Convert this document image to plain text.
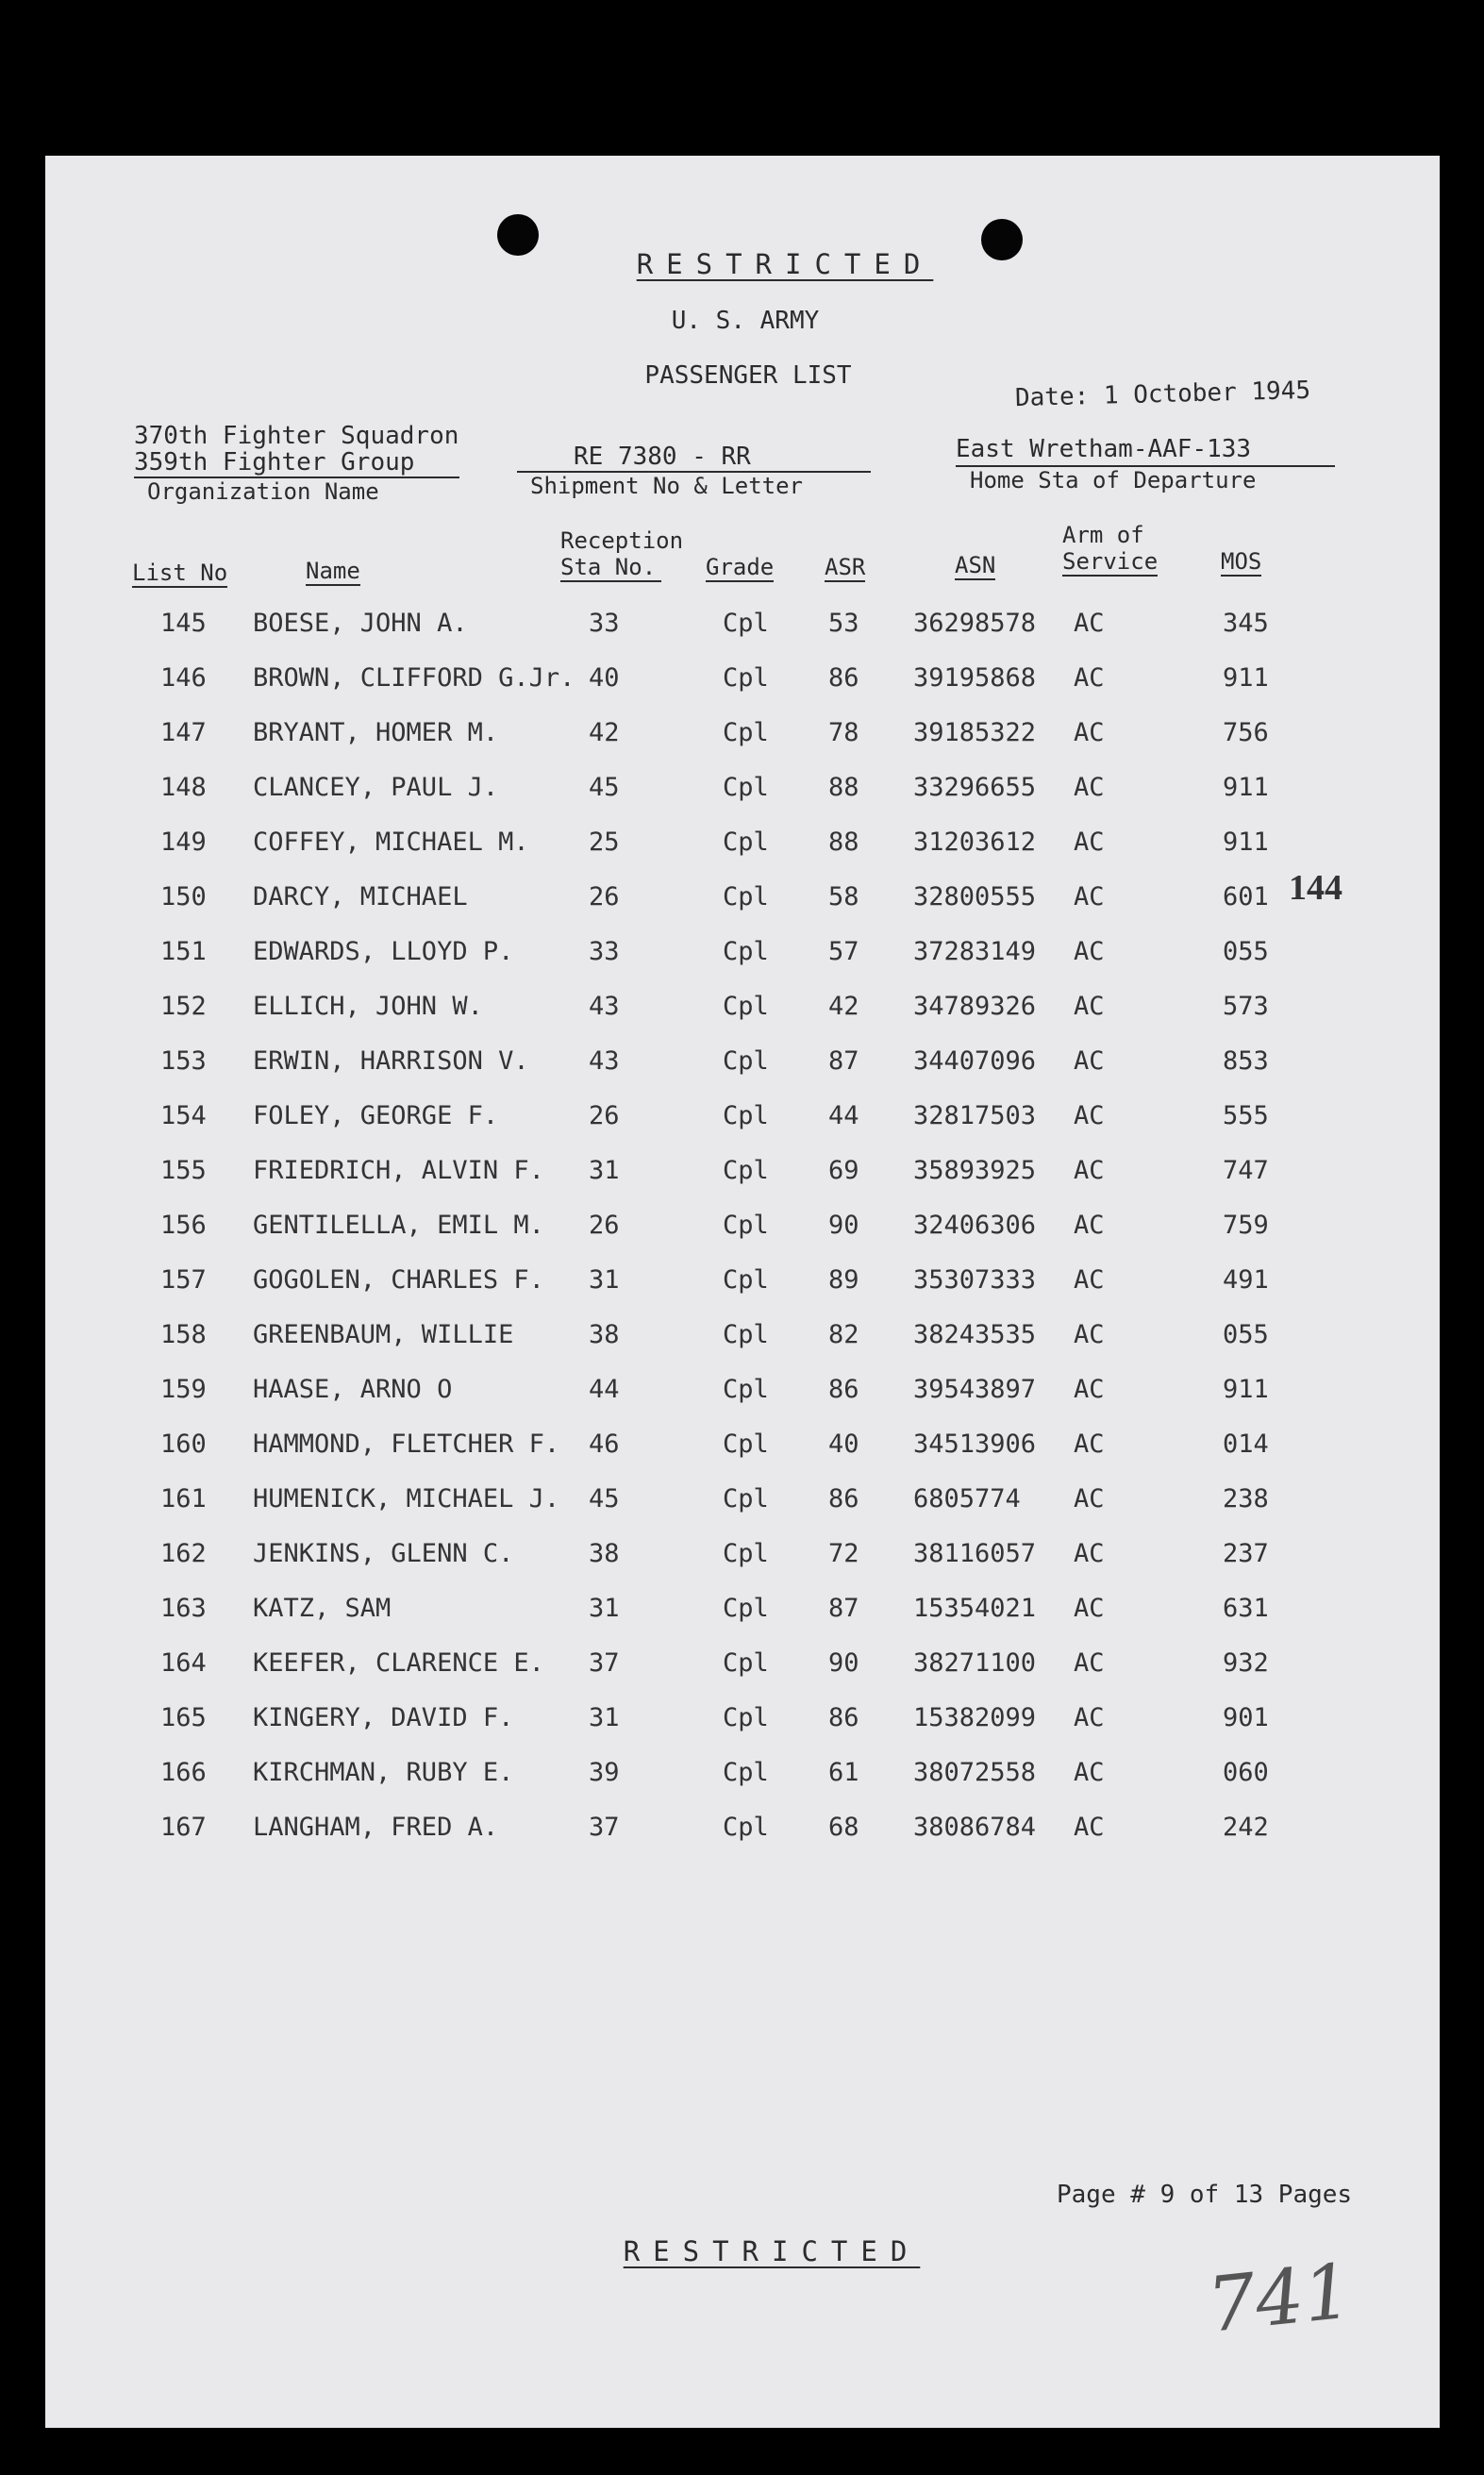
RESTRICTED
U. S. ARMY
PASSENGER LIST
Date: 1 October 1945
370th Fighter Squadron
359th Fighter Group
Organization Name
RE 7380 - RR
Shipment No & Letter
East Wretham-AAF-133
Home Sta of Departure
List No	Name
Reception
Sta No. Grade ASR	ASN
Arm of
Service	MOS
145 BOESE, JOHN A.	33	Cpl 53 36298578 AC	345
146 BROWN, CLIFFORD G.Jr. 40	Cpl 86 39195868 AC	911
147 BRYANT, HOMER M.	42	Cpl 78 39185322 AC	756
148 CLANCEY, PAUL J.	45	Cpl 88 33296655 AC	911
149 COFFEY, MICHAEL M. 25	Cpl 88 31203612 AC	911
150 DARCY, MICHAEL	26	Cpl 58 32800555 AC	601
151 EDWARDS, LLOYD P.	33	Cpl 57 37283149 AC	055
152 ELLICH, JOHN W.	43	Cpl 42 34789326 AC	573
153 ERWIN, HARRISON V. 43	Cpl 87 34407096 AC	853
154 FOLEY, GEORGE F.	26	Cpl 44 32817503 AC	555
155 FRIEDRICH, ALVIN F. 31	Cpl 69 35893925 AC	747
156 GENTILELLA, EMIL M. 26	Cpl 90 32406306 AC	759
157 GOGOLEN, CHARLES F. 31	Cpl 89 35307333 AC	491
158 GREENBAUM, WILLIE	38	Cpl 82 38243535 AC	055
159 HAASE, ARNO O	44	Cpl 86 39543897 AC	911
160 HAMMOND, FLETCHER F. 46	Cpl 40 34513906 AC	014
161 HUMENICK, MICHAEL J. 45	Cpl 86 6805774 AC	238
162 JENKINS, GLENN C.	38	Cpl 72 38116057 AC	237
163 KATZ, SAM	31	Cpl 87 15354021 AC	631
164 KEEFER, CLARENCE E. 37	Cpl 90 38271100 AC	932
165 KINGERY, DAVID F.	31	Cpl 86 15382099 AC	901
166 KIRCHMAN, RUBY E.	39	Cpl 61 38072558 AC	060
167 LANGHAM, FRED A.	37	Cpl 68 38086784 AC	242
144
Page # 9 of 13 Pages
RESTRICTED	741
